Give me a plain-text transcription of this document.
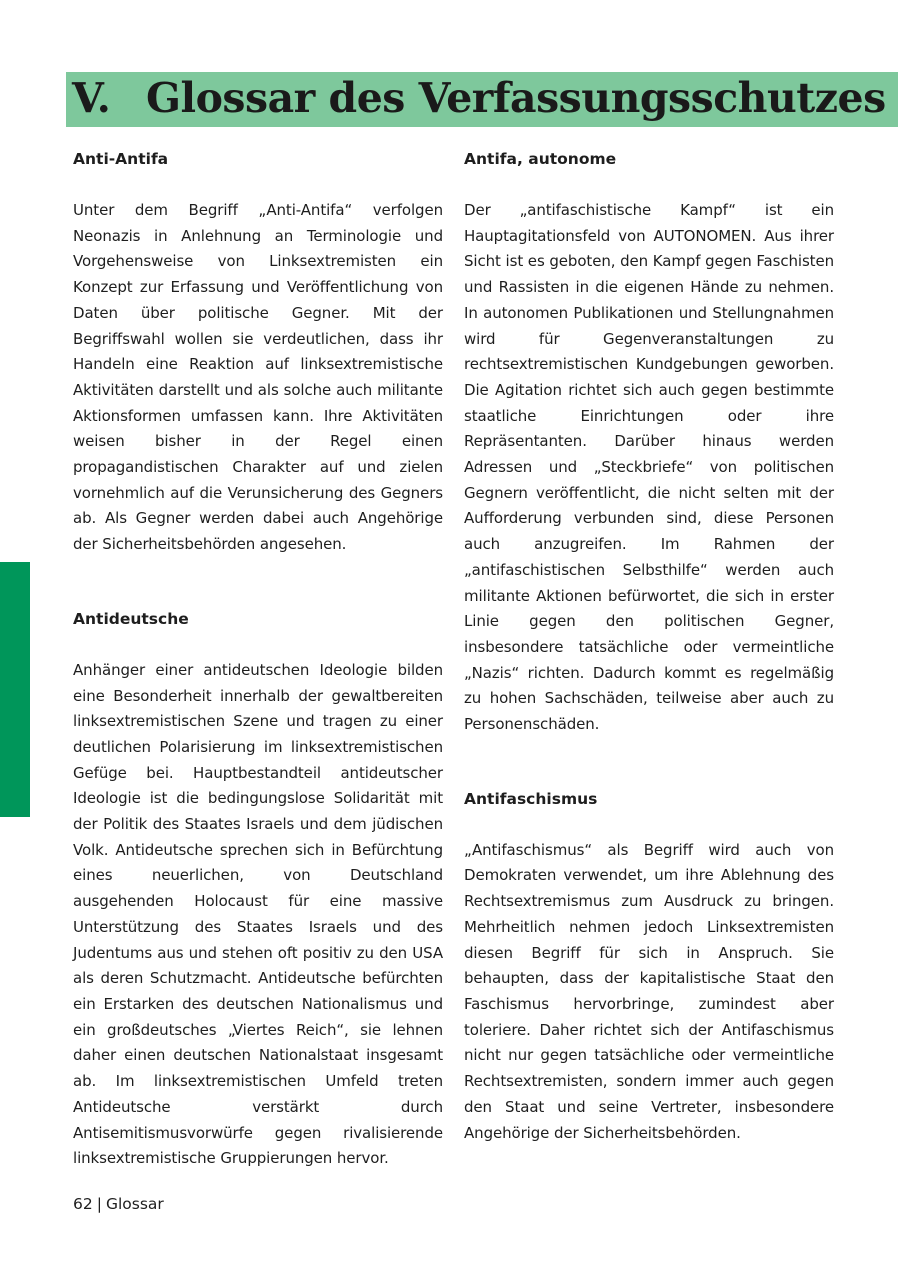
V. Glossar des Verfassungsschutzes

Anti-Antifa

Unter dem Begriff „Anti-Antifa“ verfolgen Neonazis in Anlehnung an Terminologie und Vorgehensweise von Linksextremisten ein Konzept zur Erfassung und Veröffentlichung von Daten über politische Gegner. Mit der Begriffswahl wollen sie verdeutlichen, dass ihr Handeln eine Reaktion auf linksextremistische Aktivitäten darstellt und als solche auch militante Aktionsformen umfassen kann. Ihre Aktivitäten weisen bisher in der Regel einen propagandistischen Charakter auf und zielen vornehmlich auf die Verunsicherung des Gegners ab. Als Gegner werden dabei auch Angehörige der Sicherheitsbehörden angesehen.

Antideutsche

Anhänger einer antideutschen Ideologie bilden eine Besonderheit innerhalb der gewaltbereiten linksextremistischen Szene und tragen zu einer deutlichen Polarisierung im linksextremistischen Gefüge bei. Hauptbestandteil antideutscher Ideologie ist die bedingungslose Solidarität mit der Politik des Staates Israels und dem jüdischen Volk. Antideutsche sprechen sich in Befürchtung eines neuerlichen, von Deutschland ausgehenden Holocaust für eine massive Unterstützung des Staates Israels und des Judentums aus und stehen oft positiv zu den USA als deren Schutzmacht. Antideutsche befürchten ein Erstarken des deutschen Nationalismus und ein großdeutsches „Viertes Reich“, sie lehnen daher einen deutschen Nationalstaat insgesamt ab. Im linksextremistischen Umfeld treten Antideutsche verstärkt durch Antisemitismusvorwürfe gegen rivalisierende linksextremistische Gruppierungen hervor.

Antifa, autonome

Der „antifaschistische Kampf“ ist ein Hauptagitationsfeld von AUTONOMEN. Aus ihrer Sicht ist es geboten, den Kampf gegen Faschisten und Rassisten in die eigenen Hände zu nehmen. In autonomen Publikationen und Stellungnahmen wird für Gegenveranstaltungen zu rechtsextremistischen Kundgebungen geworben. Die Agitation richtet sich auch gegen bestimmte staatliche Einrichtungen oder ihre Repräsentanten. Darüber hinaus werden Adressen und „Steckbriefe“ von politischen Gegnern veröffentlicht, die nicht selten mit der Aufforderung verbunden sind, diese Personen auch anzugreifen. Im Rahmen der „antifaschistischen Selbsthilfe“ werden auch militante Aktionen befürwortet, die sich in erster Linie gegen den politischen Gegner, insbesondere tatsächliche oder vermeintliche „Nazis“ richten. Dadurch kommt es regelmäßig zu hohen Sachschäden, teilweise aber auch zu Personenschäden.

Antifaschismus

„Antifaschismus“ als Begriff wird auch von Demokraten verwendet, um ihre Ablehnung des Rechtsextremismus zum Ausdruck zu bringen. Mehrheitlich nehmen jedoch Linksextremisten diesen Begriff für sich in Anspruch. Sie behaupten, dass der kapitalistische Staat den Faschismus hervorbringe, zumindest aber toleriere. Daher richtet sich der Antifaschismus nicht nur gegen tatsächliche oder vermeintliche Rechtsextremisten, sondern immer auch gegen den Staat und seine Vertreter, insbesondere Angehörige der Sicherheitsbehörden.

62 | Glossar
